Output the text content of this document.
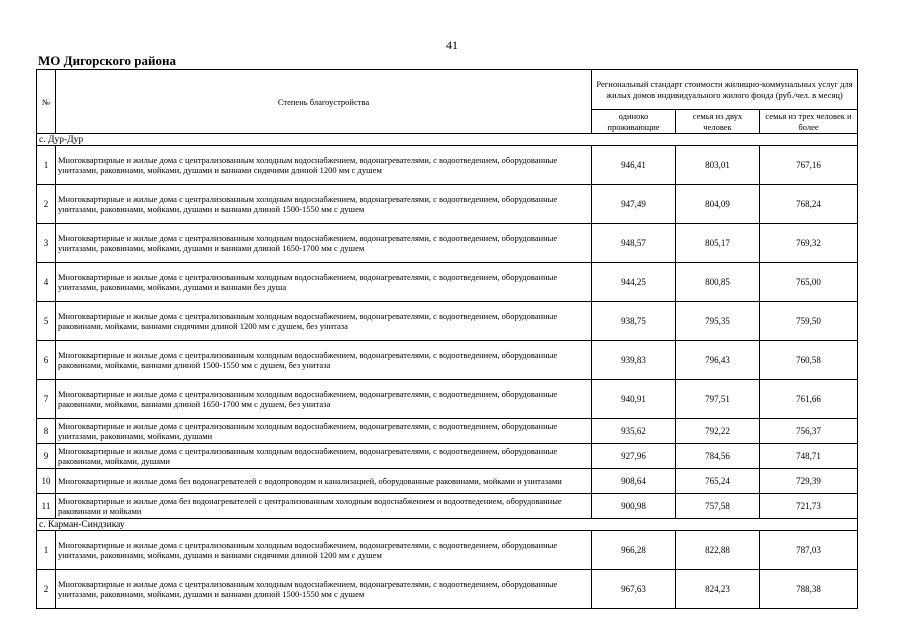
41
МО Дигорского района
№	Степень благоустройства	Региональный стандарт стоимости жилищно-коммунальных услуг для жилых домов индивидуального жилого фонда (руб./чел. в месяц)		
		одиноко проживающие	семья из двух человек	семья из трех человек и более
с. Дур-Дур				
1	Многоквартирные и жилые дома с централизованным холодным водоснабжением, водонагревателями, с водоотведением, оборудованные унитазами, раковинами, мойками, душами и ваннами сидячими длиной 1200 мм с душем	946,41	803,01	767,16
2	Многоквартирные и жилые дома с централизованным холодным водоснабжением, водонагревателями, с водоотведением, оборудованные унитазами, раковинами, мойками, душами и ваннами длиной 1500-1550 мм с душем	947,49	804,09	768,24
3	Многоквартирные и жилые дома с централизованным холодным водоснабжением, водонагревателями, с водоотведением, оборудованные унитазами, раковинами, мойками, душами и ваннами длиной 1650-1700 мм с душем	948,57	805,17	769,32
4	Многоквартирные и жилые дома с централизованным холодным водоснабжением, водонагревателями, с водоотведением, оборудованные унитазами, раковинами, мойками, душами и ваннами без душа	944,25	800,85	765,00
5	Многоквартирные и жилые дома с централизованным холодным водоснабжением, водонагревателями, с водоотведением, оборудованные раковинами, мойками, ваннами сидячими длиной 1200 мм с душем, без унитаза	938,75	795,35	759,50
6	Многоквартирные и жилые дома с централизованным холодным водоснабжением, водонагревателями, с водоотведением, оборудованные раковинами, мойками, ваннами длиной 1500-1550 мм с душем, без унитаза	939,83	796,43	760,58
7	Многоквартирные и жилые дома с централизованным холодным водоснабжением, водонагревателями, с водоотведением, оборудованные раковинами, мойками, ваннами длиной 1650-1700 мм с душем, без унитаза	940,91	797,51	761,66
8	Многоквартирные и жилые дома с централизованным холодным водоснабжением, водонагревателями, с водоотведением, оборудованные унитазами, раковинами, мойками, душами	935,62	792,22	756,37
9	Многоквартирные и жилые дома с централизованным холодным водоснабжением, водонагревателями, с водоотведением, оборудованные раковинами, мойками, душами	927,96	784,56	748,71
10	Многоквартирные и жилые дома без водонагревателей с водопроводом и канализацией, оборудованные раковинами, мойками и унитазами	908,64	765,24	729,39
11	Многоквартирные и жилые дома без водонагревателей с централизованным холодным водоснабжением и водоотведением, оборудованные раковинами и мойками	900,98	757,58	721,73
с. Карман-Синдзикау				
1	Многоквартирные и жилые дома с централизованным холодным водоснабжением, водонагревателями, с водоотведением, оборудованные унитазами, раковинами, мойками, душами и ваннами сидячими длиной 1200 мм с душем	966,28	822,88	787,03
2	Многоквартирные и жилые дома с централизованным холодным водоснабжением, водонагревателями, с водоотведением, оборудованные унитазами, раковинами, мойками, душами и ваннами длиной 1500-1550 мм с душем	967,63	824,23	788,38
